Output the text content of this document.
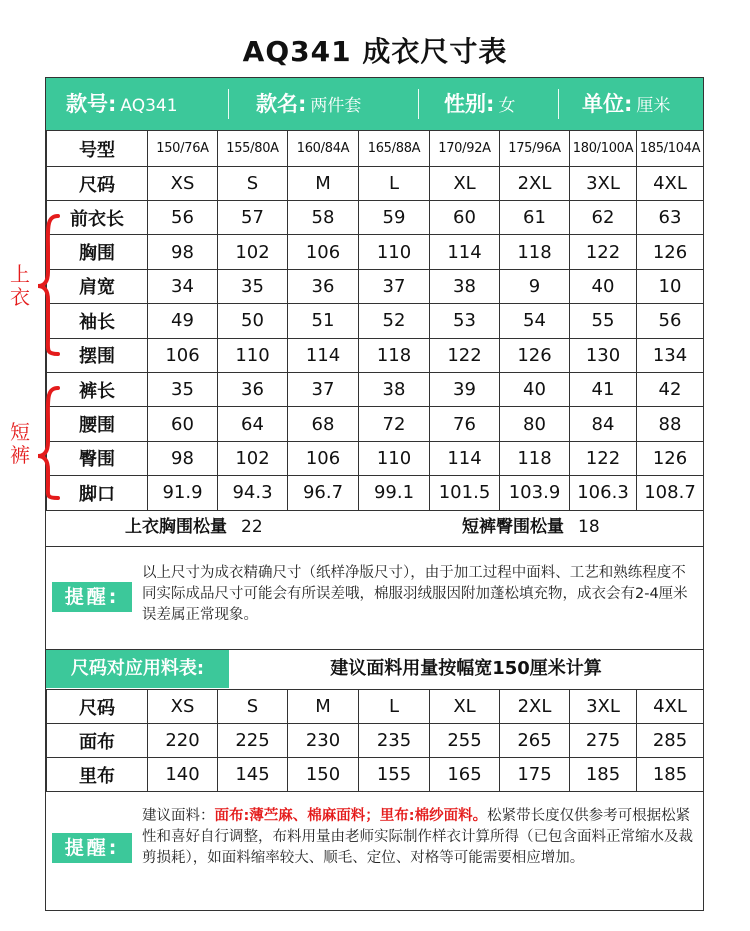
AQ341 成衣尺寸表
款号: AQ341	款名: 两件套	性别: 女	单位: 厘米
号型	150/76A	155/80A	160/84A	165/88A	170/92A	175/96A	180/100A	185/104A
尺码	XS	S	M	L	XL	2XL	3XL	4XL
前衣长	56	57	58	59	60	61	62	63
胸围	98	102	106	110	114	118	122	126
肩宽	34	35	36	37	38	9	40	10
袖长	49	50	51	52	53	54	55	56
摆围	106	110	114	118	122	126	130	134
裤长	35	36	37	38	39	40	41	42
腰围	60	64	68	72	76	80	84	88
臀围	98	102	106	110	114	118	122	126
脚口	91.9	94.3	96.7	99.1	101.5	103.9	106.3	108.7
上衣
短裤
上衣胸围松量 22	短裤臀围松量 18
提醒:
以上尺寸为成衣精确尺寸（纸样净版尺寸），由于加工过程中面料、工艺和熟练程度不同实际成品尺寸可能会有所误差哦，棉服羽绒服因附加蓬松填充物，成衣会有2-4厘米误差属正常现象。
尺码对应用料表:	建议面料用量按幅宽150厘米计算
尺码	XS	S	M	L	XL	2XL	3XL	4XL
面布	220	225	230	235	255	265	275	285
里布	140	145	150	155	165	175	185	185
提醒:
建议面料：面布:薄苎麻、棉麻面料；里布:棉纱面料。松紧带长度仅供参考可根据松紧性和喜好自行调整，布料用量由老师实际制作样衣计算所得（已包含面料正常缩水及裁剪损耗），如面料缩率较大、顺毛、定位、对格等可能需要相应增加。
